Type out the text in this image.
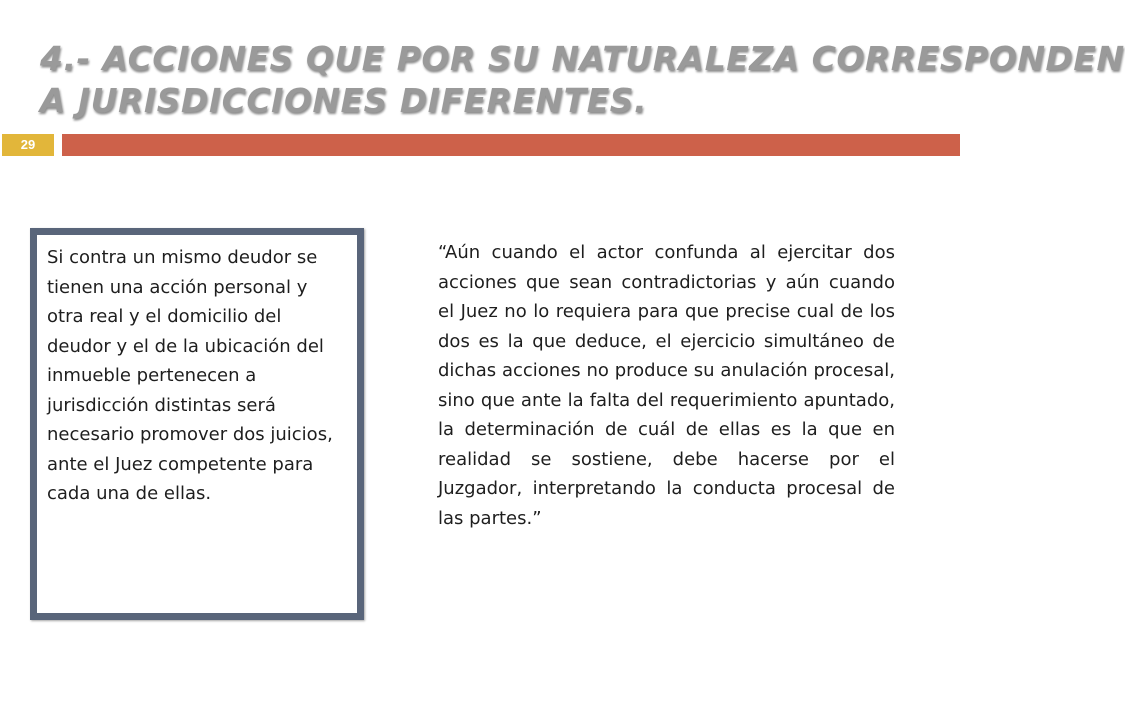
4.- ACCIONES QUE POR SU NATURALEZA CORRESPONDEN
A JURISDICCIONES DIFERENTES.
29
Si contra un mismo deudor se tienen una acción personal y otra real y el domicilio del deudor y el de la ubicación del inmueble pertenecen a jurisdicción distintas será necesario promover dos juicios, ante el Juez competente para cada una de ellas.
“Aún cuando el actor confunda al ejercitar dos acciones que sean contradictorias y aún cuando el Juez no lo requiera para que precise cual de los dos es la que deduce, el ejercicio simultáneo de dichas acciones no produce su anulación procesal, sino que ante la falta del requerimiento apuntado, la determinación de cuál de ellas es la que en realidad se sostiene, debe hacerse por el Juzgador, interpretando la conducta procesal de las partes.”
